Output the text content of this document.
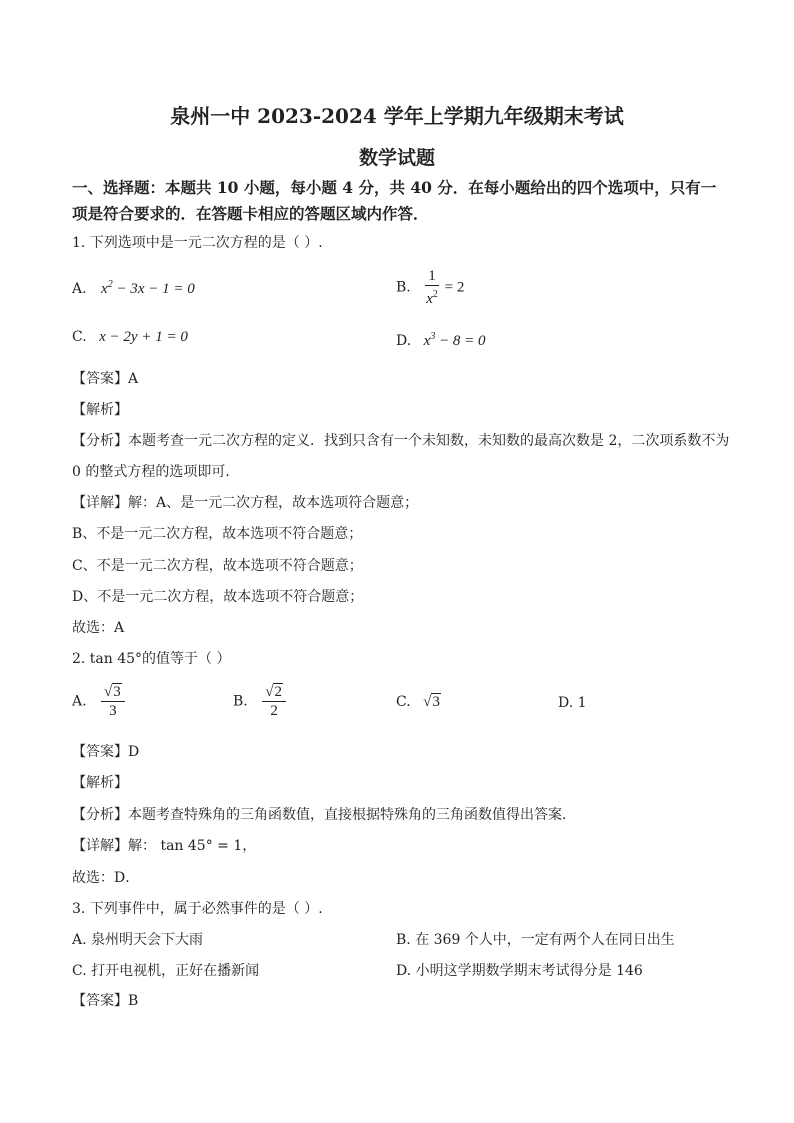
泉州一中 2023-2024 学年上学期九年级期末考试
数学试题
一、选择题：本题共 10 小题，每小题 4 分，共 40 分．在每小题给出的四个选项中，只有一
项是符合要求的．在答题卡相应的答题区域内作答．
1. 下列选项中是一元二次方程的是（ ）.
A. $x^2 - 3x - 1 = 0$	B. $\frac{1}{x^2} = 2$
C. x − 2y + 1 = 0	D. $x^3 - 8 = 0$
【答案】A
【解析】
【分析】本题考查一元二次方程的定义．找到只含有一个未知数，未知数的最高次数是 2，二次项系数不为
0 的整式方程的选项即可．
【详解】解：A、是一元二次方程，故本选项符合题意；
B、不是一元二次方程，故本选项不符合题意；
C、不是一元二次方程，故本选项不符合题意；
D、不是一元二次方程，故本选项不符合题意；
故选：A
2. tan 45°的值等于（ ）
A. $\frac{√3}{3}$	B. $\frac{√2}{2}$	C. √3	D. 1
【答案】D
【解析】
【分析】本题考查特殊角的三角函数值，直接根据特殊角的三角函数值得出答案．
【详解】解： tan 45° = 1，
故选：D．
3. 下列事件中，属于必然事件的是（ ）.
A. 泉州明天会下大雨	B. 在 369 个人中，一定有两个人在同日出生
C. 打开电视机，正好在播新闻	D. 小明这学期数学期末考试得分是 146
【答案】B
